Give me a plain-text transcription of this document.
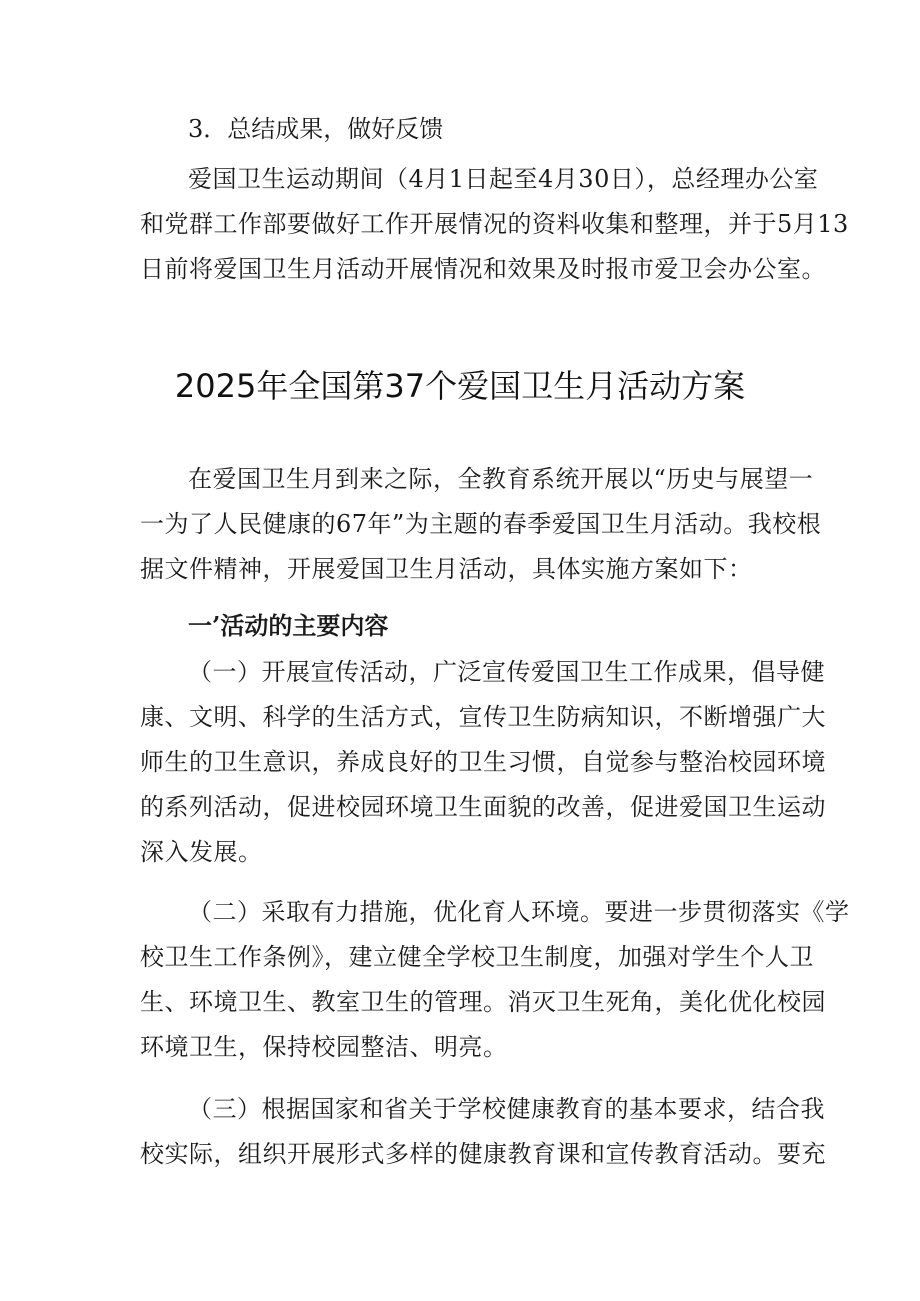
3．总结成果，做好反馈
爱国卫生运动期间（4月1日起至4月30日），总经理办公室
和党群工作部要做好工作开展情况的资料收集和整理，并于5月13
日前将爱国卫生月活动开展情况和效果及时报市爱卫会办公室。
2025年全国第37个爱国卫生月活动方案
在爱国卫生月到来之际，全教育系统开展以“历史与展望一
一为了人民健康的67年”为主题的春季爱国卫生月活动。我校根
据文件精神，开展爱国卫生月活动，具体实施方案如下：
一’活动的主要内容
（一）开展宣传活动，广泛宣传爱国卫生工作成果，倡导健
康、文明、科学的生活方式，宣传卫生防病知识，不断增强广大
师生的卫生意识，养成良好的卫生习惯，自觉参与整治校园环境
的系列活动，促进校园环境卫生面貌的改善，促进爱国卫生运动
深入发展。
（二）采取有力措施，优化育人环境。要进一步贯彻落实《学
校卫生工作条例》，建立健全学校卫生制度，加强对学生个人卫
生、环境卫生、教室卫生的管理。消灭卫生死角，美化优化校园
环境卫生，保持校园整洁、明亮。
（三）根据国家和省关于学校健康教育的基本要求，结合我
校实际，组织开展形式多样的健康教育课和宣传教育活动。要充
